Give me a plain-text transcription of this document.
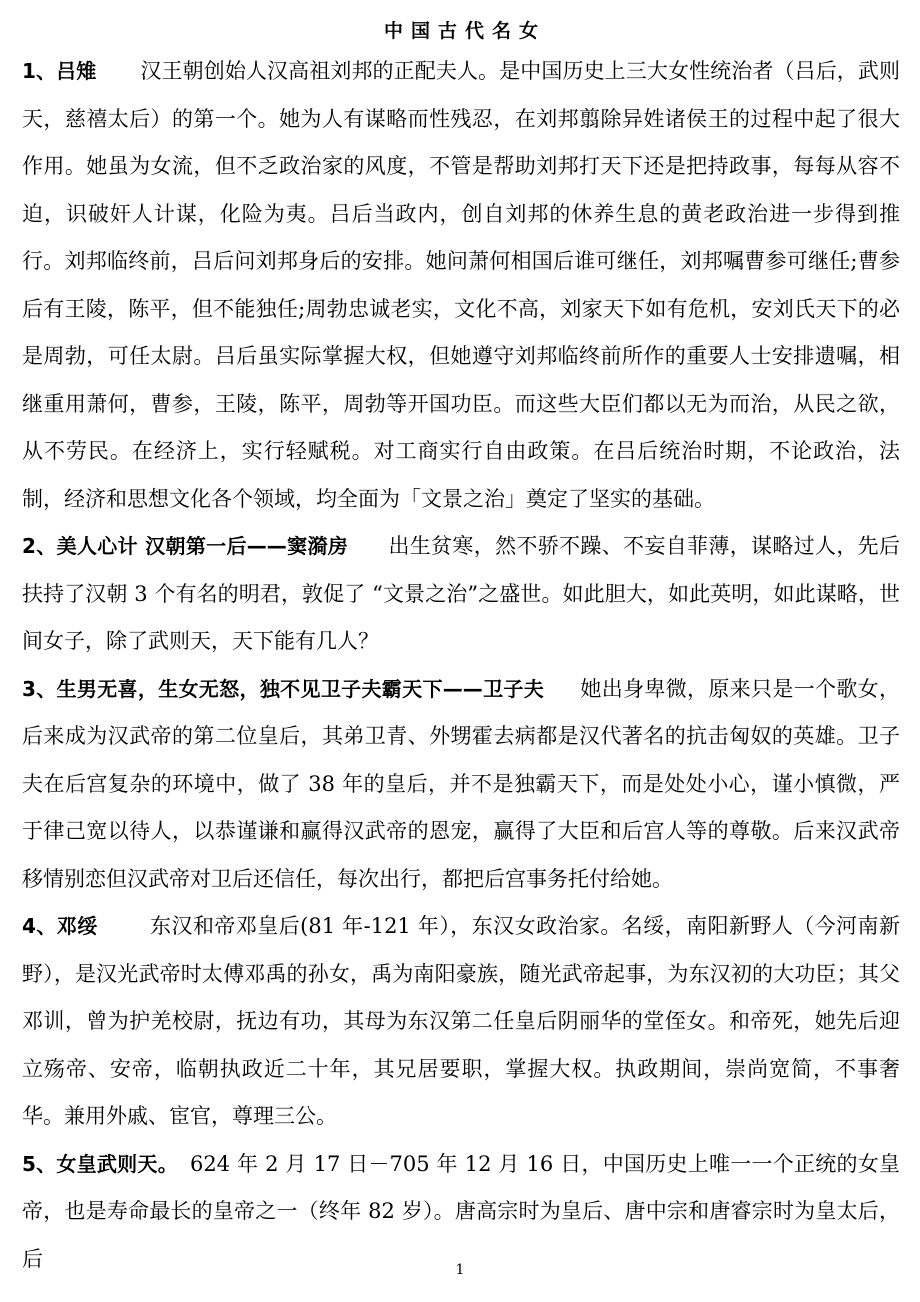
中国古代名女

1、吕雉 汉王朝创始人汉高祖刘邦的正配夫人。是中国历史上三大女性统治者（吕后，武则天，慈禧太后）的第一个。她为人有谋略而性残忍，在刘邦翦除异姓诸侯王的过程中起了很大作用。她虽为女流，但不乏政治家的风度，不管是帮助刘邦打天下还是把持政事，每每从容不迫，识破奸人计谋，化险为夷。吕后当政内，创自刘邦的休养生息的黄老政治进一步得到推行。刘邦临终前，吕后问刘邦身后的安排。她问萧何相国后谁可继任，刘邦嘱曹参可继任;曹参后有王陵，陈平，但不能独任;周勃忠诚老实，文化不高，刘家天下如有危机，安刘氏天下的必是周勃，可任太尉。吕后虽实际掌握大权，但她遵守刘邦临终前所作的重要人士安排遗嘱，相继重用萧何，曹参，王陵，陈平，周勃等开国功臣。而这些大臣们都以无为而治，从民之欲，从不劳民。在经济上，实行轻赋税。对工商实行自由政策。在吕后统治时期，不论政治，法制，经济和思想文化各个领域，均全面为「文景之治」奠定了坚实的基础。

2、美人心计 汉朝第一后——窦漪房 出生贫寒，然不骄不躁、不妄自菲薄，谋略过人，先后扶持了汉朝 3 个有名的明君，敦促了 “文景之治”之盛世。如此胆大，如此英明，如此谋略，世间女子，除了武则天，天下能有几人？

3、生男无喜，生女无怒，独不见卫子夫霸天下——卫子夫 她出身卑微，原来只是一个歌女，后来成为汉武帝的第二位皇后，其弟卫青、外甥霍去病都是汉代著名的抗击匈奴的英雄。卫子夫在后宫复杂的环境中，做了 38 年的皇后，并不是独霸天下，而是处处小心，谨小慎微，严于律己宽以待人，以恭谨谦和赢得汉武帝的恩宠，赢得了大臣和后宫人等的尊敬。后来汉武帝移情别恋但汉武帝对卫后还信任，每次出行，都把后宫事务托付给她。

4、邓绥 东汉和帝邓皇后(81 年-121 年），东汉女政治家。名绥，南阳新野人（今河南新野），是汉光武帝时太傅邓禹的孙女，禹为南阳豪族，随光武帝起事，为东汉初的大功臣；其父邓训，曾为护羌校尉，抚边有功，其母为东汉第二任皇后阴丽华的堂侄女。和帝死，她先后迎立殇帝、安帝，临朝执政近二十年，其兄居要职，掌握大权。执政期间，崇尚宽简，不事奢华。兼用外戚、宦官，尊理三公。

5、女皇武则天。 624 年 2 月 17 日－705 年 12 月 16 日，中国历史上唯一一个正统的女皇帝，也是寿命最长的皇帝之一（终年 82 岁）。唐高宗时为皇后、唐中宗和唐睿宗时为皇太后，后	1
